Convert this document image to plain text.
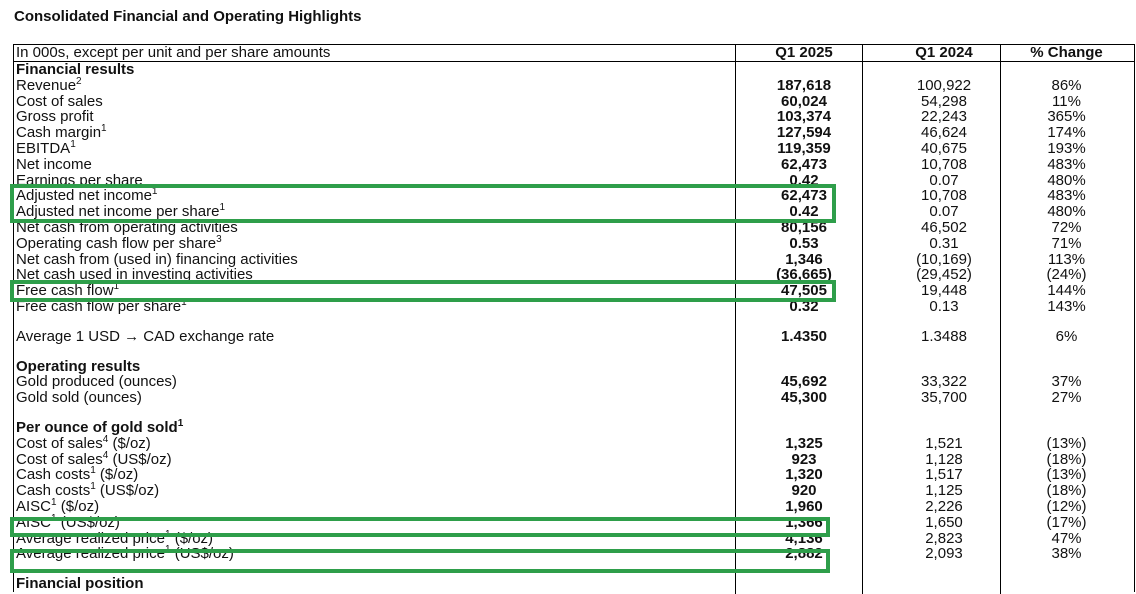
Consolidated Financial and Operating Highlights
In 000s, except per unit and per share amounts	Q1 2025	Q1 2024	% Change
Financial results
Revenue$^2$	187,618	100,922	86%
Cost of sales	60,024	54,298	11%
Gross profit	103,374	22,243	365%
Cash margin$^1$	127,594	46,624	174%
EBITDA$^1$	119,359	40,675	193%
Net income	62,473	10,708	483%
Earnings per share	0.42	0.07	480%
Adjusted net income$^1$	62,473	10,708	483%
Adjusted net income per share$^1$	0.42	0.07	480%
Net cash from operating activities	80,156	46,502	72%
Operating cash flow per share$^3$	0.53	0.31	71%
Net cash from (used in) financing activities	1,346	(10,169)	113%
Net cash used in investing activities	(36,665)	(29,452)	(24%)
Free cash flow$^1$	47,505	19,448	144%
Free cash flow per share$^1$	0.32	0.13	143%
Average 1 USD → CAD exchange rate	1.4350	1.3488	6%
Operating results
Gold produced (ounces)	45,692	33,322	37%
Gold sold (ounces)	45,300	35,700	27%
Per ounce of gold sold$^1$
Cost of sales$^4$ ($/oz)	1,325	1,521	(13%)
Cost of sales$^4$ (US$/oz)	923	1,128	(18%)
Cash costs$^1$ ($/oz)	1,320	1,517	(13%)
Cash costs$^1$ (US$/oz)	920	1,125	(18%)
AISC$^1$ ($/oz)	1,960	2,226	(12%)
AISC$^1$ (US$/oz)	1,366	1,650	(17%)
Average realized price$^1$ ($/oz)	4,136	2,823	47%
Average realized price$^1$ (US$/oz)	2,882	2,093	38%
Financial position
